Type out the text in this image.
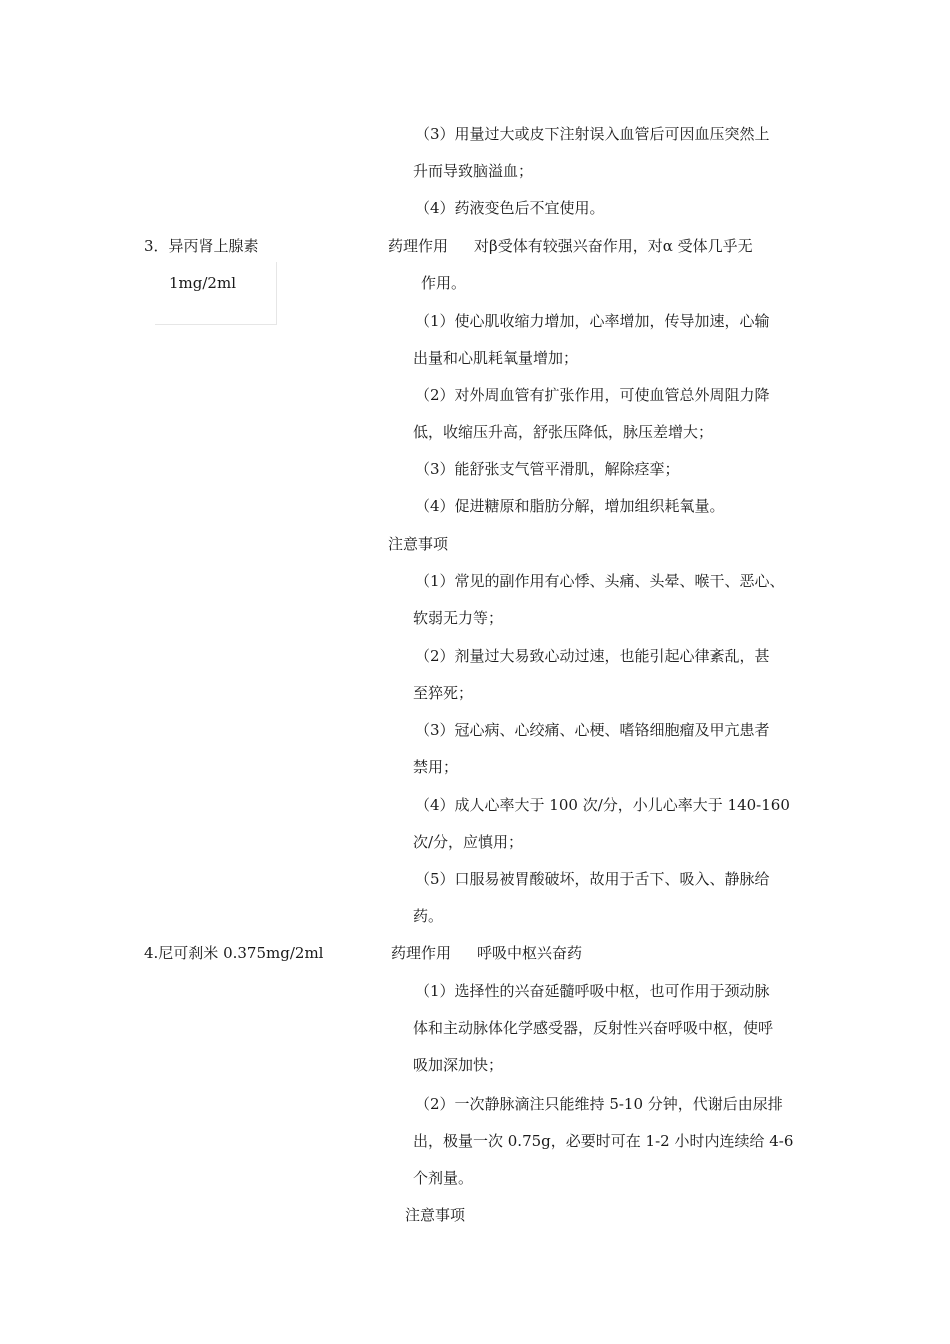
（3）用量过大或皮下注射误入血管后可因血压突然上
升而导致脑溢血；
（4）药液变色后不宜使用。
3．异丙肾上腺素
1mg/2ml
药理作用 对β受体有较强兴奋作用，对α 受体几乎无
作用。
（1）使心肌收缩力增加，心率增加，传导加速，心输
出量和心肌耗氧量增加；
（2）对外周血管有扩张作用，可使血管总外周阻力降
低，收缩压升高，舒张压降低，脉压差增大；
（3）能舒张支气管平滑肌，解除痉挛；
（4）促进糖原和脂肪分解，增加组织耗氧量。
注意事项
（1）常见的副作用有心悸、头痛、头晕、喉干、恶心、
软弱无力等；
（2）剂量过大易致心动过速，也能引起心律紊乱，甚
至猝死；
（3）冠心病、心绞痛、心梗、嗜铬细胞瘤及甲亢患者
禁用；
（4）成人心率大于 100 次/分，小儿心率大于 140-160
次/分，应慎用；
（5）口服易被胃酸破坏，故用于舌下、吸入、静脉给
药。
4.尼可刹米 0.375mg/2ml	药理作用 呼吸中枢兴奋药
（1）选择性的兴奋延髓呼吸中枢，也可作用于颈动脉
体和主动脉体化学感受器，反射性兴奋呼吸中枢，使呼
吸加深加快；
（2）一次静脉滴注只能维持 5-10 分钟，代谢后由尿排
出，极量一次 0.75g，必要时可在 1-2 小时内连续给 4-6
个剂量。
注意事项
